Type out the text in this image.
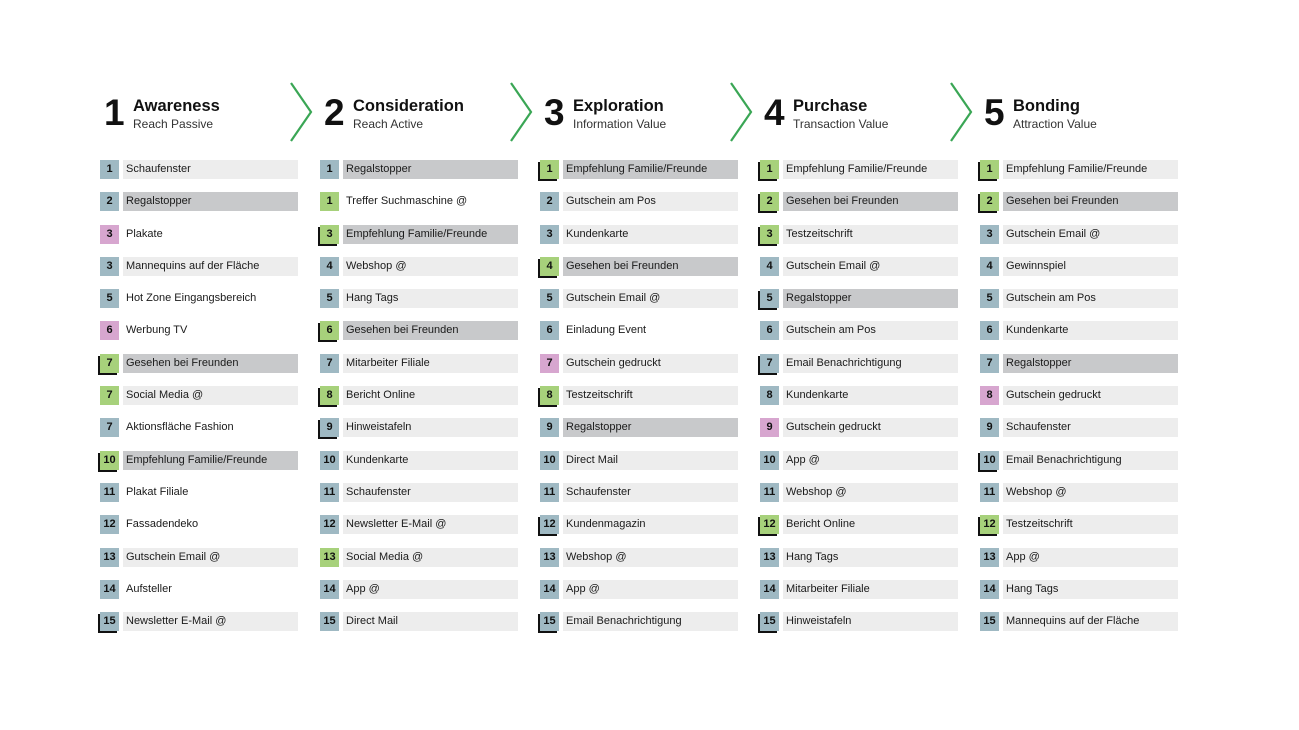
1 Awareness
Reach Passive
1	Schaufenster
2	Regalstopper
3	Plakate
3	Mannequins auf der Fläche
5	Hot Zone Eingangsbereich
6	Werbung TV
7	Gesehen bei Freunden
7	Social Media @
7	Aktionsfläche Fashion
10 Empfehlung Familie/Freunde
11 Plakat Filiale
12 Fassadendeko
13 Gutschein Email @
14 Aufsteller
15 Newsletter E-Mail @
2 Consideration
Reach Active
1	Regalstopper
1	Treffer Suchmaschine @
3	Empfehlung Familie/Freunde
4	Webshop @
5	Hang Tags
6	Gesehen bei Freunden
7	Mitarbeiter Filiale
8	Bericht Online
9	Hinweistafeln
10 Kundenkarte
11 Schaufenster
12 Newsletter E-Mail @
13 Social Media @
14 App @
15 Direct Mail
3 Exploration
Information Value
1	Empfehlung Familie/Freunde
2	Gutschein am Pos
3	Kundenkarte
4	Gesehen bei Freunden
5	Gutschein Email @
6	Einladung Event
7	Gutschein gedruckt
8	Testzeitschrift
9	Regalstopper
10 Direct Mail
11 Schaufenster
12 Kundenmagazin
13 Webshop @
14 App @
15 Email Benachrichtigung
4 Purchase
Transaction Value
1	Empfehlung Familie/Freunde
2	Gesehen bei Freunden
3	Testzeitschrift
4	Gutschein Email @
5	Regalstopper
6	Gutschein am Pos
7	Email Benachrichtigung
8	Kundenkarte
9	Gutschein gedruckt
10 App @
11 Webshop @
12 Bericht Online
13 Hang Tags
14 Mitarbeiter Filiale
15 Hinweistafeln
5 Bonding
Attraction Value
1	Empfehlung Familie/Freunde
2	Gesehen bei Freunden
3	Gutschein Email @
4	Gewinnspiel
5	Gutschein am Pos
6	Kundenkarte
7	Regalstopper
8	Gutschein gedruckt
9	Schaufenster
10 Email Benachrichtigung
11 Webshop @
12 Testzeitschrift
13 App @
14 Hang Tags
15 Mannequins auf der Fläche
